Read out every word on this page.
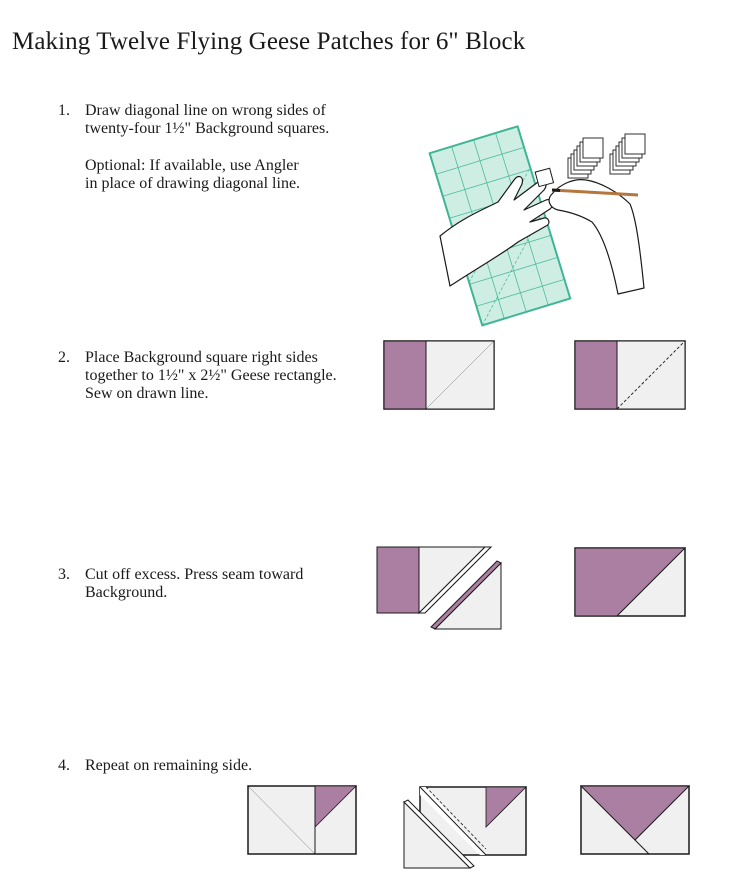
Making Twelve Flying Geese Patches for 6" Block
1. Draw diagonal line on wrong sides of
twenty-four 1½" Background squares.
Optional: If available, use Angler
in place of drawing diagonal line.
2. Place Background square right sides
together to 1½" x 2½" Geese rectangle.
Sew on drawn line.
3. Cut off excess. Press seam toward
Background.
4. Repeat on remaining side.
